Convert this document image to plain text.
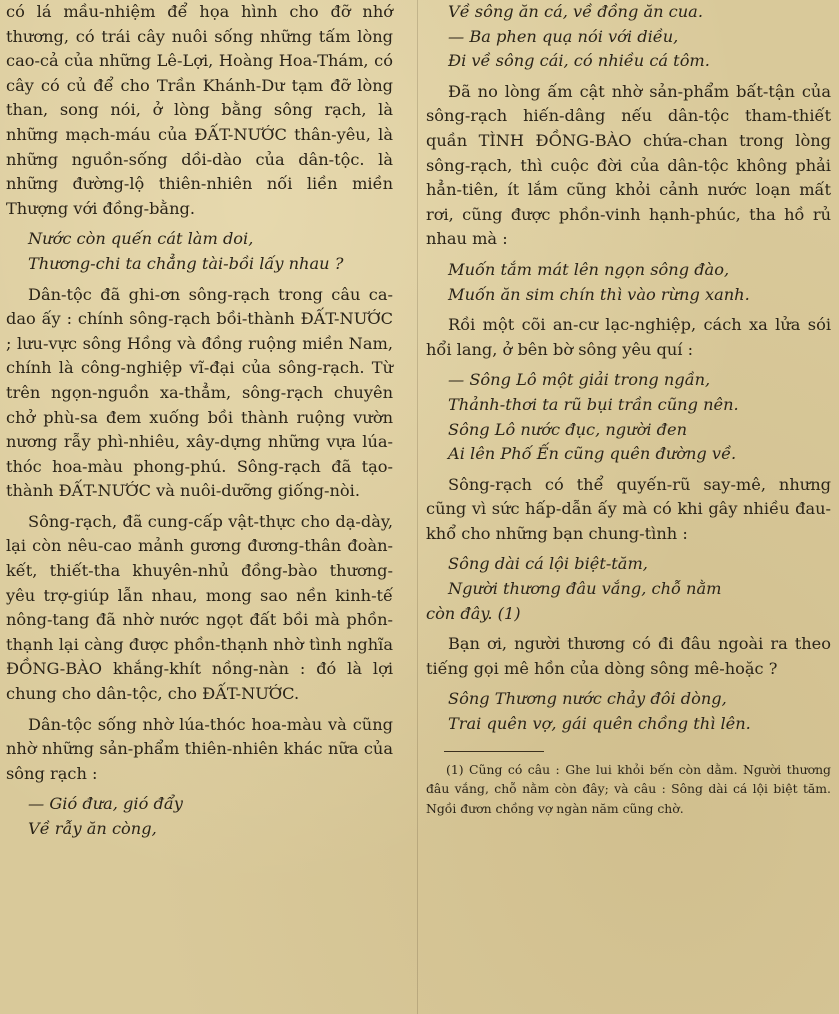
có lá mầu-nhiệm để họa hình cho đỡ nhớ thương, có trái cây nuôi sống những tấm lòng cao-cả của những Lê-Lợi, Hoàng Hoa-Thám, có cây có củ để cho Trần Khánh-Dư tạm đỡ lòng than, song nói, ở lòng bằng sông rạch, là những mạch-máu của ĐẤT-NƯỚC thân-yêu, là những nguồn-sống dồi-dào của dân-tộc. là những đường-lộ thiên-nhiên nối liền miền Thượng với đồng-bằng.

Nước còn quến cát làm doi,

Thương-chi ta chẳng tài-bồi lấy nhau ?

Dân-tộc đã ghi-ơn sông-rạch trong câu ca-dao ấy : chính sông-rạch bồi-thành ĐẤT-NƯỚC ; lưu-vực sông Hồng và đồng ruộng miền Nam, chính là công-nghiệp vĩ-đại của sông-rạch. Từ trên ngọn-nguồn xa-thẳm, sông-rạch chuyên chở phù-sa đem xuống bồi thành ruộng vườn nương rẫy phì-nhiêu, xây-dựng những vựa lúa-thóc hoa-màu phong-phú. Sông-rạch đã tạo-thành ĐẤT-NƯỚC và nuôi-dưỡng giống-nòi.

Sông-rạch, đã cung-cấp vật-thực cho dạ-dày, lại còn nêu-cao mảnh gương đương-thân đoàn-kết, thiết-tha khuyên-nhủ đồng-bào thương-yêu trợ-giúp lẫn nhau, mong sao nền kinh-tế nông-tang đã nhờ nước ngọt đất bồi mà phồn-thạnh lại càng được phồn-thạnh nhờ tình nghĩa ĐỒNG-BÀO khắng-khít nồng-nàn : đó là lợi chung cho dân-tộc, cho ĐẤT-NƯỚC.

Dân-tộc sống nhờ lúa-thóc hoa-màu và cũng nhờ những sản-phẩm thiên-nhiên khác nữa của sông rạch :

— Gió đưa, gió đẩy

Về rẫy ăn còng,

Về sông ăn cá, về đồng ăn cua.

— Ba phen quạ nói với diều,

Đi về sông cái, có nhiều cá tôm.

Đã no lòng ấm cật nhờ sản-phẩm bất-tận của sông-rạch hiến-dâng nếu dân-tộc tham-thiết quần TÌNH ĐỒNG-BÀO chứa-chan trong lòng sông-rạch, thì cuộc đời của dân-tộc không phải hẳn-tiên, ít lắm cũng khỏi cảnh nước loạn mất rơi, cũng được phồn-vinh hạnh-phúc, tha hồ rủ nhau mà :

Muốn tắm mát lên ngọn sông đào,

Muốn ăn sim chín thì vào rừng xanh.

Rồi một cõi an-cư lạc-nghiệp, cách xa lửa sói hổi lang, ở bên bờ sông yêu quí :

— Sông Lô một giải trong ngần,

Thảnh-thơi ta rũ bụi trần cũng nên.

Sông Lô nước đục, người đen

Ai lên Phố Ến cũng quên đường về.

Sông-rạch có thể quyến-rũ say-mê, nhưng cũng vì sức hấp-dẫn ấy mà có khi gây nhiều đau-khổ cho những bạn chung-tình :

Sông dài cá lội biệt-tăm,

Người thương đâu vắng, chỗ nằm

còn đây. (1)

Bạn ơi, người thương có đi đâu ngoài ra theo tiếng gọi mê hồn của dòng sông mê-hoặc ?

Sông Thương nước chảy đôi dòng,

Trai quên vợ, gái quên chồng thì lên.

(1) Cũng có câu : Ghe lui khỏi bến còn dằm. Người thương đâu vắng, chỗ nằm còn đây; và câu : Sông dài cá lội biệt tăm. Ngồi đươn chồng vợ ngàn năm cũng chờ.
